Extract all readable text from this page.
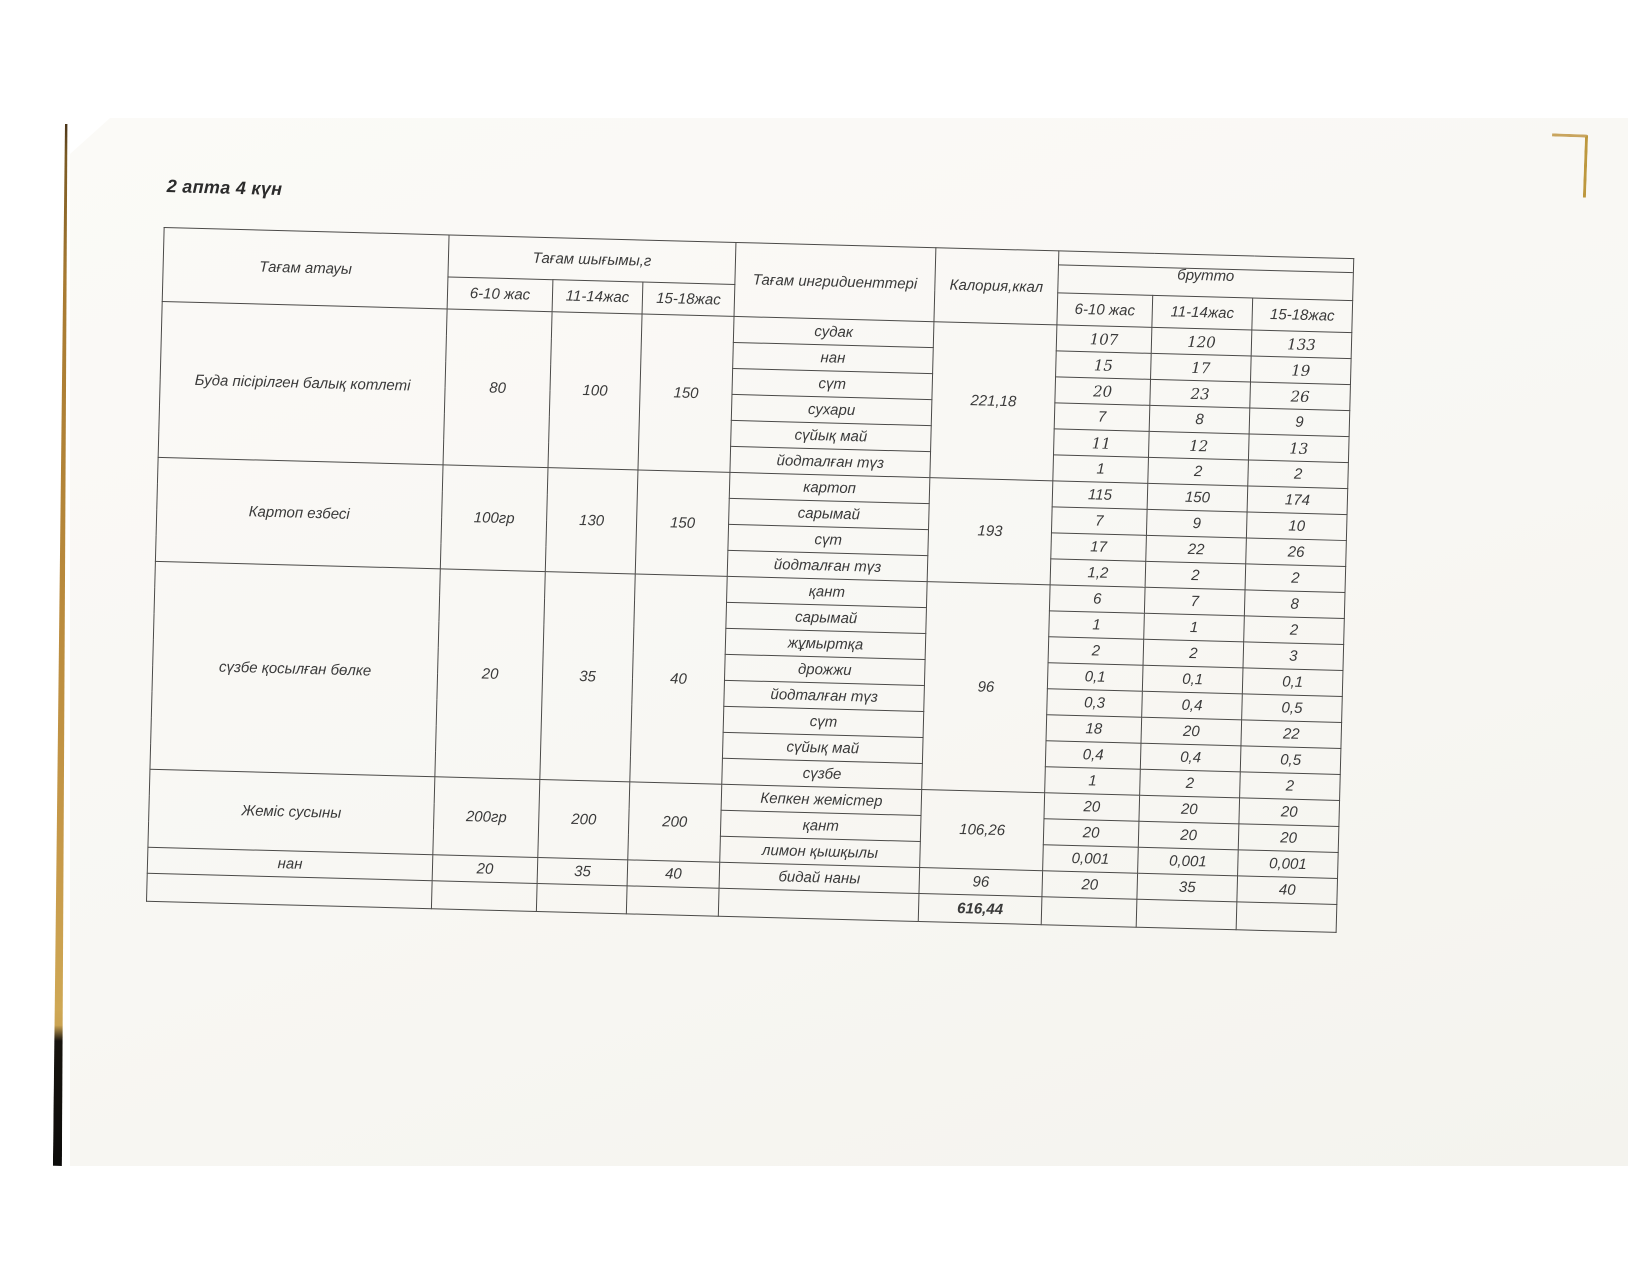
2 апта 4 күн

Тағам атауы	Тағам шығымы,г			Тағам ингридиенттері	Калория,ккал	брутто		
	6-10 жас	11-14жас	15-18жас			6-10 жас	11-14жас	15-18жас
Буда пісірілген балық котлеті	80	100	150	судак	221,18	107	120	133
				нан		15	17	19
				сүт		20	23	26
				сухари		7	8	9
				сүйық май		11	12	13
				йодталған түз		1	2	2
Картоп езбесі	100гр	130	150	картоп	193	115	150	174
				сарымай		7	9	10
				сүт		17	22	26
				йодталған түз		1,2	2	2
сүзбе қосылған бөлке	20	35	40	қант	96	6	7	8
				сарымай		1	1	2
				жұмыртқа		2	2	3
				дрожжи		0,1	0,1	0,1
				йодталған түз		0,3	0,4	0,5
				сүт		18	20	22
				сүйық май		0,4	0,4	0,5
				сүзбе		1	2	2
Жеміс сусыны	200гр	200	200	Кепкен жемістер	106,26	20	20	20
				қант		20	20	20
				лимон қышқылы		0,001	0,001	0,001
нан	20	35	40	бидай наны	96	20	35	40
					616,44			
